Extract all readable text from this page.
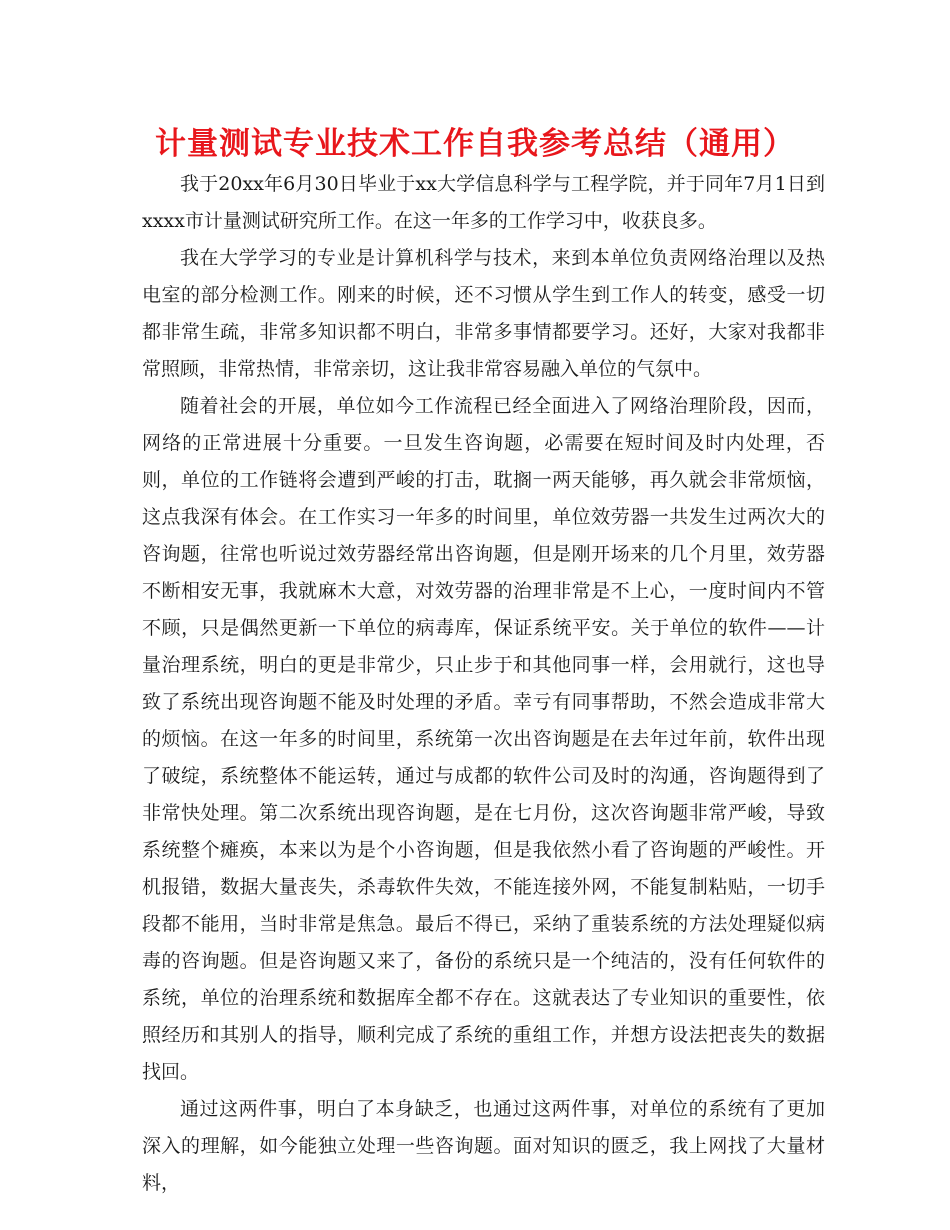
计量测试专业技术工作自我参考总结（通用）

我于20xx年6月30日毕业于xx大学信息科学与工程学院，并于同年7月1日到xxxx市计量测试研究所工作。在这一年多的工作学习中，收获良多。

我在大学学习的专业是计算机科学与技术，来到本单位负责网络治理以及热电室的部分检测工作。刚来的时候，还不习惯从学生到工作人的转变，感受一切都非常生疏，非常多知识都不明白，非常多事情都要学习。还好，大家对我都非常照顾，非常热情，非常亲切，这让我非常容易融入单位的气氛中。

随着社会的开展，单位如今工作流程已经全面进入了网络治理阶段，因而，网络的正常进展十分重要。一旦发生咨询题，必需要在短时间及时内处理，否则，单位的工作链将会遭到严峻的打击，耽搁一两天能够，再久就会非常烦恼，这点我深有体会。在工作实习一年多的时间里，单位效劳器一共发生过两次大的咨询题，往常也听说过效劳器经常出咨询题，但是刚开场来的几个月里，效劳器不断相安无事，我就麻木大意，对效劳器的治理非常是不上心，一度时间内不管不顾，只是偶然更新一下单位的病毒库，保证系统平安。关于单位的软件——计量治理系统，明白的更是非常少，只止步于和其他同事一样，会用就行，这也导致了系统出现咨询题不能及时处理的矛盾。幸亏有同事帮助，不然会造成非常大的烦恼。在这一年多的时间里，系统第一次出咨询题是在去年过年前，软件出现了破绽，系统整体不能运转，通过与成都的软件公司及时的沟通，咨询题得到了非常快处理。第二次系统出现咨询题，是在七月份，这次咨询题非常严峻，导致系统整个瘫痪，本来以为是个小咨询题，但是我依然小看了咨询题的严峻性。开机报错，数据大量丧失，杀毒软件失效，不能连接外网，不能复制粘贴，一切手段都不能用，当时非常是焦急。最后不得已，采纳了重装系统的方法处理疑似病毒的咨询题。但是咨询题又来了，备份的系统只是一个纯洁的，没有任何软件的系统，单位的治理系统和数据库全都不存在。这就表达了专业知识的重要性，依照经历和其别人的指导，顺利完成了系统的重组工作，并想方设法把丧失的数据找回。

通过这两件事，明白了本身缺乏，也通过这两件事，对单位的系统有了更加深入的理解，如今能独立处理一些咨询题。面对知识的匮乏，我上网找了大量材料，
